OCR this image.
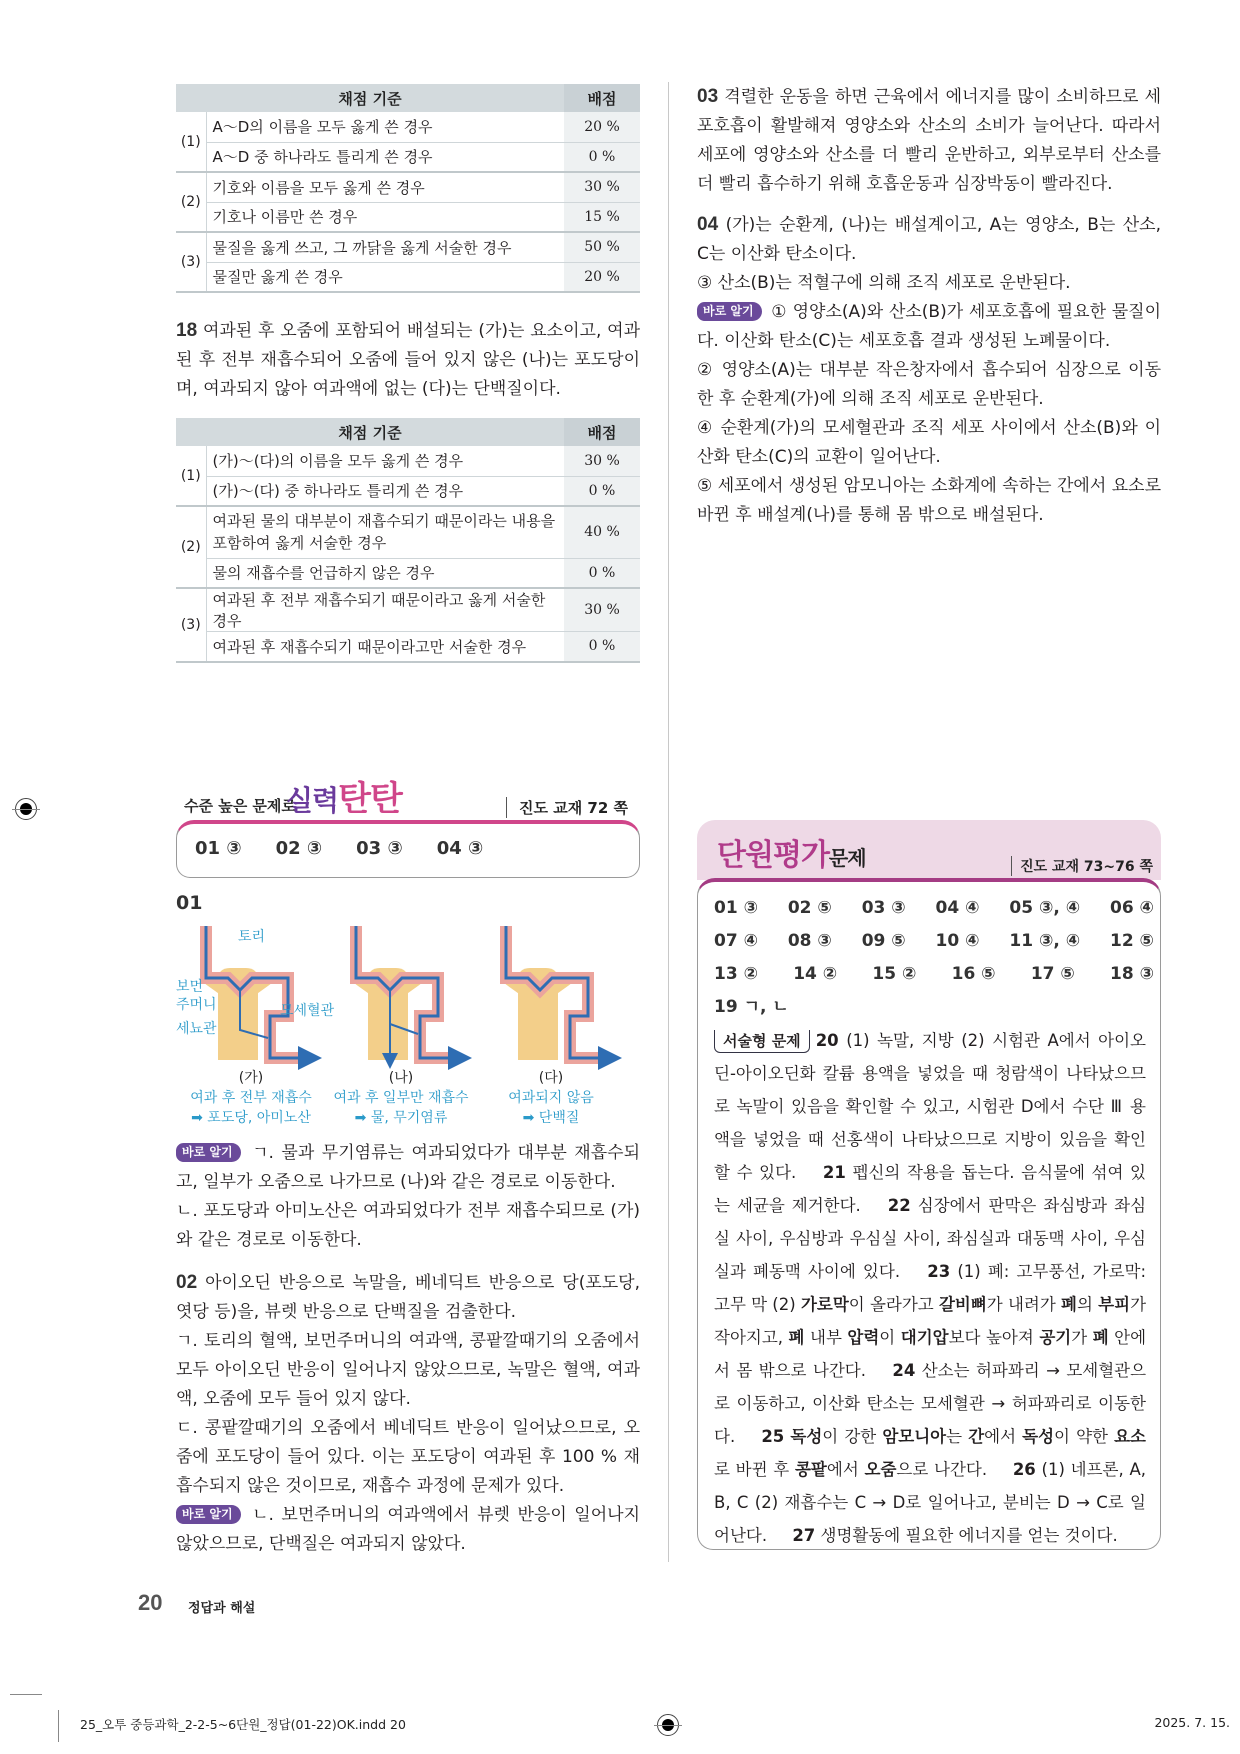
채점 기준		배점
(1)	A～D의 이름을 모두 옳게 쓴 경우	20 %
	A～D 중 하나라도 틀리게 쓴 경우	0 %
(2)	기호와 이름을 모두 옳게 쓴 경우	30 %
	기호나 이름만 쓴 경우	15 %
(3)	물질을 옳게 쓰고, 그 까닭을 옳게 서술한 경우	50 %
	물질만 옳게 쓴 경우	20 %
18 여과된 후 오줌에 포함되어 배설되는 (가)는 요소이고, 여과된 후 전부 재흡수되어 오줌에 들어 있지 않은 (나)는 포도당이며, 여과되지 않아 여과액에 없는 (다)는 단백질이다.
채점 기준		배점
(1)	(가)～(다)의 이름을 모두 옳게 쓴 경우	30 %
	(가)～(다) 중 하나라도 틀리게 쓴 경우	0 %
(2)	여과된 물의 대부분이 재흡수되기 때문이라는 내용을 포함하여 옳게 서술한 경우	40 %
	물의 재흡수를 언급하지 않은 경우	0 %
(3)	여과된 후 전부 재흡수되기 때문이라고 옳게 서술한 경우	30 %
	여과된 후 재흡수되기 때문이라고만 서술한 경우	0 %
03 격렬한 운동을 하면 근육에서 에너지를 많이 소비하므로 세포호흡이 활발해져 영양소와 산소의 소비가 늘어난다. 따라서 세포에 영양소와 산소를 더 빨리 운반하고, 외부로부터 산소를 더 빨리 흡수하기 위해 호흡운동과 심장박동이 빨라진다.
04 (가)는 순환계, (나)는 배설계이고, A는 영양소, B는 산소, C는 이산화 탄소이다.
③ 산소(B)는 적혈구에 의해 조직 세포로 운반된다.
바로 알기 ① 영양소(A)와 산소(B)가 세포호흡에 필요한 물질이다. 이산화 탄소(C)는 세포호흡 결과 생성된 노폐물이다.
② 영양소(A)는 대부분 작은창자에서 흡수되어 심장으로 이동한 후 순환계(가)에 의해 조직 세포로 운반된다.
④ 순환계(가)의 모세혈관과 조직 세포 사이에서 산소(B)와 이산화 탄소(C)의 교환이 일어난다.
⑤ 세포에서 생성된 암모니아는 소화계에 속하는 간에서 요소로 바뀐 후 배설계(나)를 통해 몸 밖으로 배설된다.
수준 높은 문제로
실력탄탄	진도 교재 72 쪽
01 ③ 02 ③ 03 ③ 04 ③
01
토리
보먼
주머니
세뇨관
모세혈관
(가)
여과 후 전부 재흡수
➡ 포도당, 아미노산
(나)
여과 후 일부만 재흡수
➡ 물, 무기염류
(다)
여과되지 않음
➡ 단백질
바로 알기 ㄱ. 물과 무기염류는 여과되었다가 대부분 재흡수되고, 일부가 오줌으로 나가므로 (나)와 같은 경로로 이동한다.
ㄴ. 포도당과 아미노산은 여과되었다가 전부 재흡수되므로 (가)와 같은 경로로 이동한다.
02 아이오딘 반응으로 녹말을, 베네딕트 반응으로 당(포도당, 엿당 등)을, 뷰렛 반응으로 단백질을 검출한다.
ㄱ. 토리의 혈액, 보먼주머니의 여과액, 콩팥깔때기의 오줌에서 모두 아이오딘 반응이 일어나지 않았으므로, 녹말은 혈액, 여과액, 오줌에 모두 들어 있지 않다.
ㄷ. 콩팥깔때기의 오줌에서 베네딕트 반응이 일어났으므로, 오줌에 포도당이 들어 있다. 이는 포도당이 여과된 후 100 % 재흡수되지 않은 것이므로, 재흡수 과정에 문제가 있다.
바로 알기 ㄴ. 보먼주머니의 여과액에서 뷰렛 반응이 일어나지 않았으므로, 단백질은 여과되지 않았다.
단원평가문제	진도 교재 73~76 쪽
01 ③ 02 ⑤ 03 ③ 04 ④ 05 ③, ④ 06 ④
07 ④ 08 ③ 09 ⑤ 10 ④ 11 ③, ④ 12 ⑤
13 ② 14 ② 15 ② 16 ⑤ 17 ⑤ 18 ③
19 ㄱ, ㄴ
서술형 문제 20 (1) 녹말, 지방 (2) 시험관 A에서 아이오딘-아이오딘화 칼륨 용액을 넣었을 때 청람색이 나타났으므로 녹말이 있음을 확인할 수 있고, 시험관 D에서 수단 Ⅲ 용액을 넣었을 때 선홍색이 나타났으므로 지방이 있음을 확인할 수 있다. 21 펩신의 작용을 돕는다. 음식물에 섞여 있는 세균을 제거한다. 22 심장에서 판막은 좌심방과 좌심실 사이, 우심방과 우심실 사이, 좌심실과 대동맥 사이, 우심실과 폐동맥 사이에 있다. 23 (1) 폐: 고무풍선, 가로막: 고무 막 (2) 가로막이 올라가고 갈비뼈가 내려가 폐의 부피가 작아지고, 폐 내부 압력이 대기압보다 높아져 공기가 폐 안에서 몸 밖으로 나간다. 24 산소는 허파꽈리 → 모세혈관으로 이동하고, 이산화 탄소는 모세혈관 → 허파꽈리로 이동한다. 25 독성이 강한 암모니아는 간에서 독성이 약한 요소로 바뀐 후 콩팥에서 오줌으로 나간다. 26 (1) 네프론, A, B, C (2) 재흡수는 C → D로 일어나고, 분비는 D → C로 일어난다. 27 생명활동에 필요한 에너지를 얻는 것이다.
20 정답과 해설
25_오투 중등과학_2-2-5~6단원_정답(01-22)OK.indd 20	2025. 7. 15.
